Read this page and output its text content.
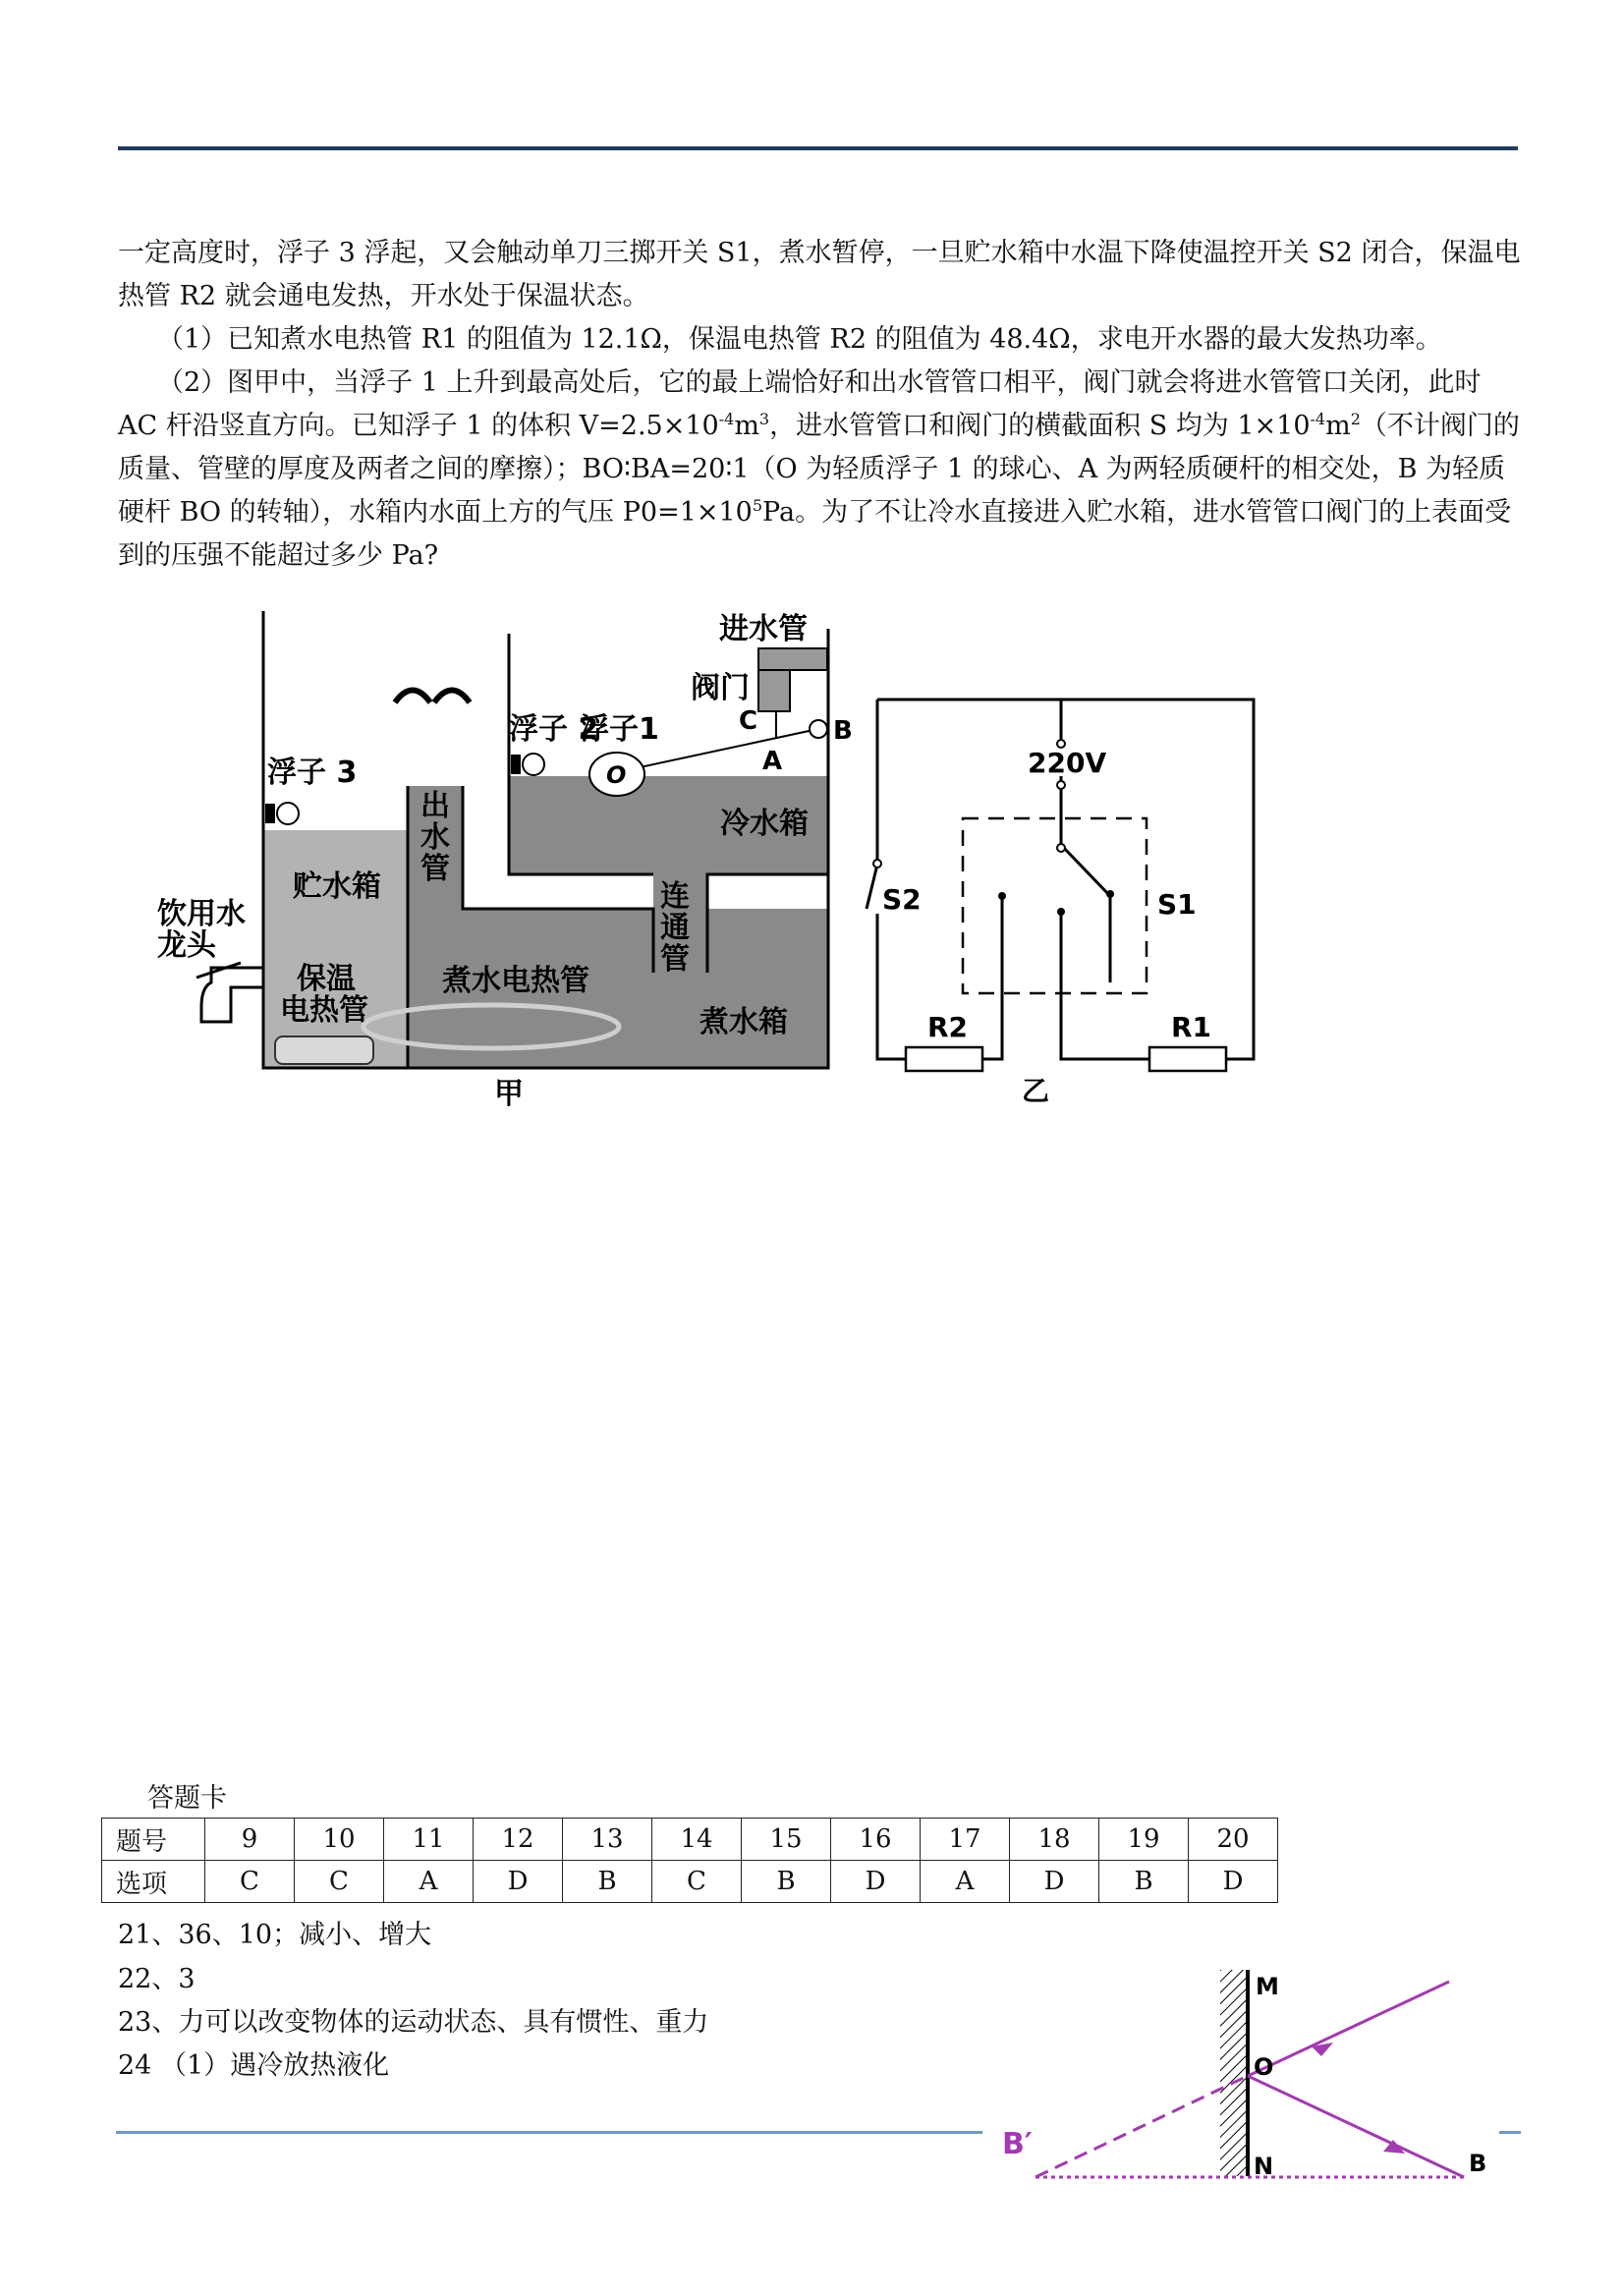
一定高度时，浮子 3 浮起，又会触动单刀三掷开关 S1，煮水暂停，一旦贮水箱中水温下降使温控开关 S2 闭合，保温电热管 R2 就会通电发热，开水处于保温状态。

（1）已知煮水电热管 R1 的阻值为 12.1Ω，保温电热管 R2 的阻值为 48.4Ω，求电开水器的最大发热功率。

（2）图甲中，当浮子 1 上升到最高处后，它的最上端恰好和出水管管口相平，阀门就会将进水管管口关闭，此时 AC 杆沿竖直方向。已知浮子 1 的体积 $V=2.5\times 10^{-4}m^3$，进水管管口和阀门的横截面积 S 均为 $1\times 10^{-4}m^2$（不计阀门的质量、管壁的厚度及两者之间的摩擦）；BO∶BA=20∶1（O 为轻质浮子 1 的球心、A 为两轻质硬杆的相交处，B 为轻质硬杆 BO 的转轴），水箱内水面上方的气压 $P0=1\times 10^5Pa$。为了不让冷水直接进入贮水箱，进水管管口阀门的上表面受到的压强不能超过多少 Pa?

进水管
阀门
C	B
A
O
浮子 2
浮子1
浮子 3
冷水箱
贮水箱
饮用水
龙头
保温
电热管
煮水电热管
煮水箱
甲
出
水
管
连
通
管
220V
S1
S2
R2	R1
乙
答题卡
题号	9	10	11	12	13	14	15	16	17	18	19	20
选项	C	C	A	D	B	C	B	D	A	D	B	D
21、36、10；减小、增大
22、3
23、力可以改变物体的运动状态、具有惯性、重力
24 （1）遇冷放热液化
M
O
N	B
B′
